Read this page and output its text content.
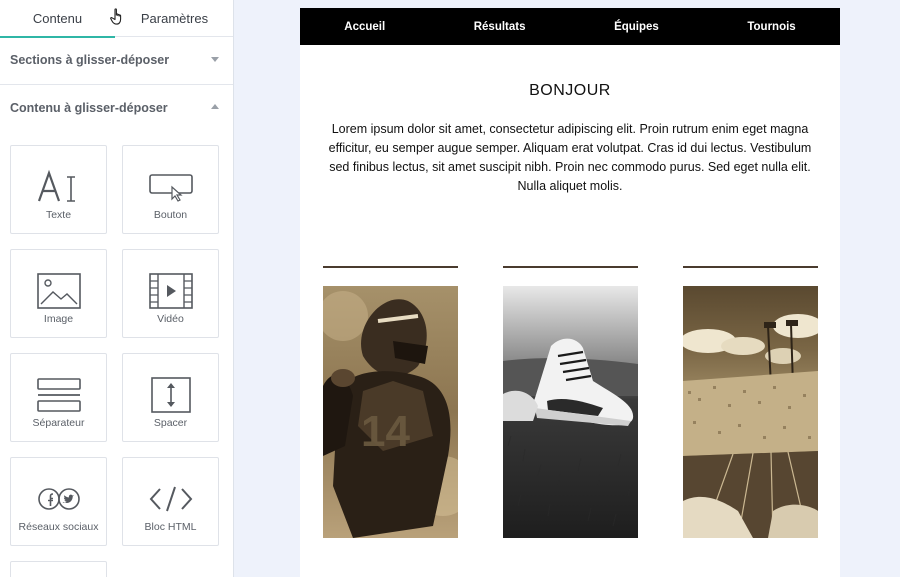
Contenu	Paramètres
Sections à glisser-déposer
Contenu à glisser-déposer
Texte	Bouton
Image	Vidéo
Séparateur	Spacer
Réseaux sociaux	Bloc HTML
Accueil	Résultats	Équipes	Tournois
BONJOUR
Lorem ipsum dolor sit amet, consectetur adipiscing elit. Proin rutrum enim eget magna efficitur, eu semper augue semper. Aliquam erat volutpat. Cras id dui lectus. Vestibulum sed finibus lectus, sit amet suscipit nibh. Proin nec commodo purus. Sed eget nulla elit. Nulla aliquet molis.
14
